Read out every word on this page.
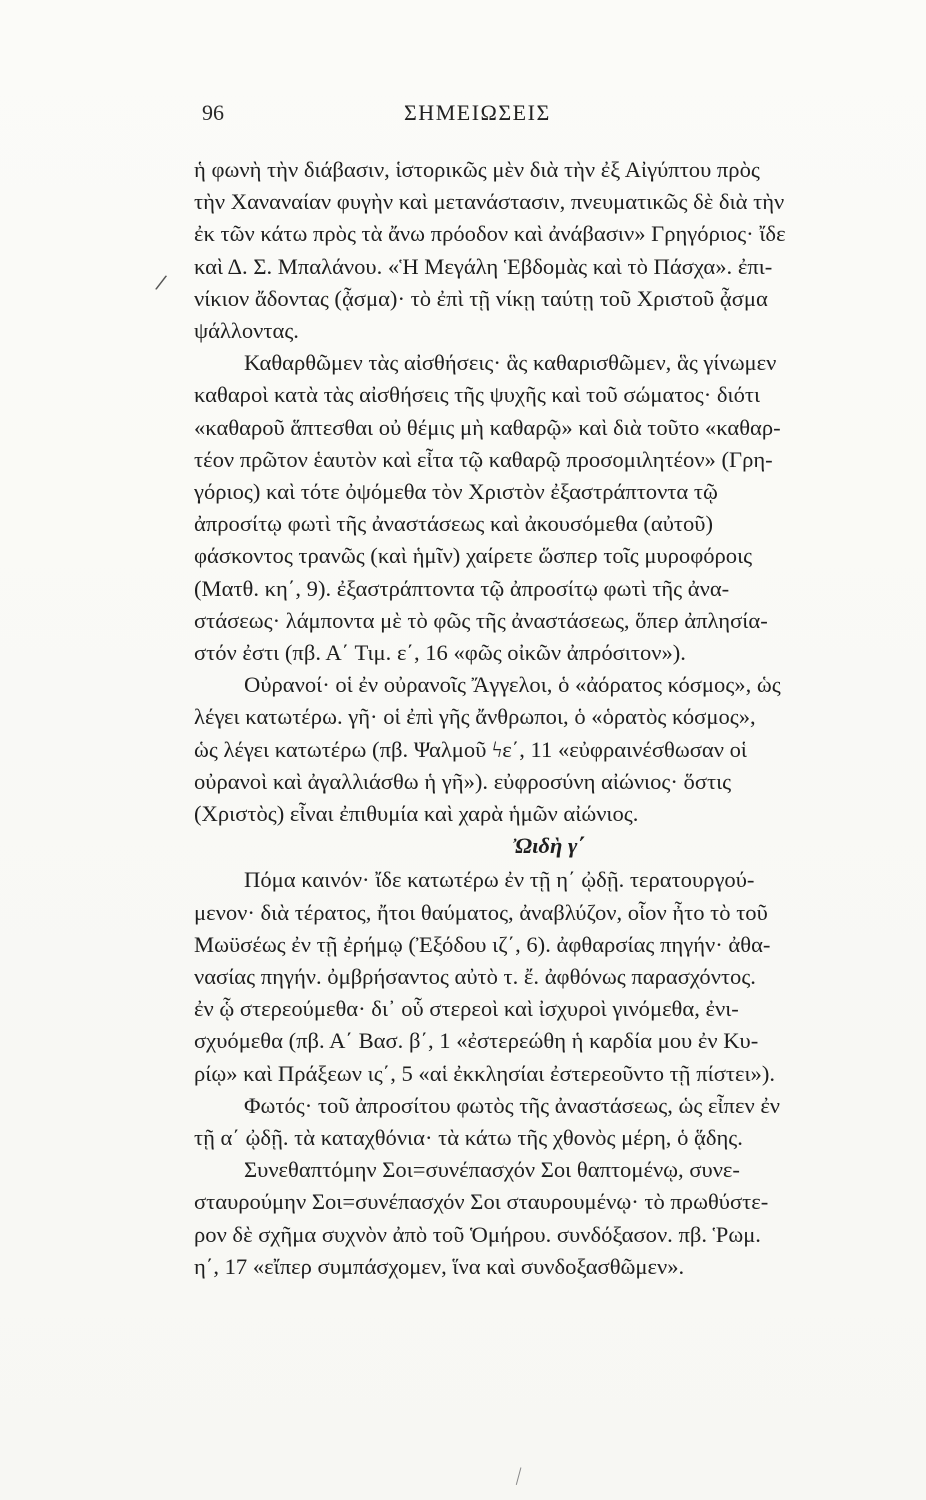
96	ΣΗΜΕΙΩΣΕΙΣ
/
ἡ φωνὴ τὴν διάβασιν, ἱστορικῶς μὲν διὰ τὴν ἐξ Αἰγύπτου πρὸς
τὴν Χαναναίαν φυγὴν καὶ μετανάστασιν, πνευματικῶς δὲ διὰ τὴν
ἐκ τῶν κάτω πρὸς τὰ ἄνω πρόοδον καὶ ἀνάβασιν» Γρηγόριος· ἴδε
καὶ Δ. Σ. Μπαλάνου. «Ἡ Μεγάλη Ἑβδομὰς καὶ τὸ Πάσχα». ἐπι-
νίκιον ἄδοντας (ᾆσμα)· τὸ ἐπὶ τῇ νίκῃ ταύτῃ τοῦ Χριστοῦ ᾆσμα
ψάλλοντας.
Καθαρθῶμεν τὰς αἰσθήσεις· ἃς καθαρισθῶμεν, ἃς γίνωμεν
καθαροὶ κατὰ τὰς αἰσθήσεις τῆς ψυχῆς καὶ τοῦ σώματος· διότι
«καθαροῦ ἅπτεσθαι οὐ θέμις μὴ καθαρῷ» καὶ διὰ τοῦτο «καθαρ-
τέον πρῶτον ἑαυτὸν καὶ εἶτα τῷ καθαρῷ προσομιλητέον» (Γρη-
γόριος) καὶ τότε ὀψόμεθα τὸν Χριστὸν ἐξαστράπτοντα τῷ
ἀπροσίτῳ φωτὶ τῆς ἀναστάσεως καὶ ἀκουσόμεθα (αὐτοῦ)
φάσκοντος τρανῶς (καὶ ἡμῖν) χαίρετε ὥσπερ τοῖς μυροφόροις
(Ματθ. κη΄, 9). ἐξαστράπτοντα τῷ ἀπροσίτῳ φωτὶ τῆς ἀνα-
στάσεως· λάμποντα μὲ τὸ φῶς τῆς ἀναστάσεως, ὅπερ ἀπλησία-
στόν ἐστι (πβ. Α΄ Τιμ. ε΄, 16 «φῶς οἰκῶν ἀπρόσιτον»).
Οὐρανοί· οἱ ἐν οὐρανοῖς Ἄγγελοι, ὁ «ἀόρατος κόσμος», ὡς
λέγει κατωτέρω. γῆ· οἱ ἐπὶ γῆς ἄνθρωποι, ὁ «ὁρατὸς κόσμος»,
ὡς λέγει κατωτέρω (πβ. Ψαλμοῦ ϟε΄, 11 «εὐφραινέσθωσαν οἱ
οὐρανοὶ καὶ ἀγαλλιάσθω ἡ γῆ»). εὐφροσύνη αἰώνιος· ὅστις
(Χριστὸς) εἶναι ἐπιθυμία καὶ χαρὰ ἡμῶν αἰώνιος.
Ὠιδὴ γ΄
Πόμα καινόν· ἴδε κατωτέρω ἐν τῇ η΄ ᾠδῇ. τερατουργού-
μενον· διὰ τέρατος, ἤτοι θαύματος, ἀναβλύζον, οἷον ἦτο τὸ τοῦ
Μωϋσέως ἐν τῇ ἐρήμῳ (Ἐξόδου ιζ΄, 6). ἀφθαρσίας πηγήν· ἀθα-
νασίας πηγήν. ὀμβρήσαντος αὐτὸ τ. ἔ. ἀφθόνως παρασχόντος.
ἐν ᾧ στερεούμεθα· δι᾿ οὗ στερεοὶ καὶ ἰσχυροὶ γινόμεθα, ἐνι-
σχυόμεθα (πβ. Α΄ Βασ. β΄, 1 «ἐστερεώθη ἡ καρδία μου ἐν Κυ-
ρίῳ» καὶ Πράξεων ις΄, 5 «αἱ ἐκκλησίαι ἐστερεοῦντο τῇ πίστει»).
Φωτός· τοῦ ἀπροσίτου φωτὸς τῆς ἀναστάσεως, ὡς εἶπεν ἐν
τῇ α΄ ᾠδῇ. τὰ καταχθόνια· τὰ κάτω τῆς χθονὸς μέρη, ὁ ᾅδης.
Συνεθαπτόμην Σοι=συνέπασχόν Σοι θαπτομένῳ, συνε-
σταυρούμην Σοι=συνέπασχόν Σοι σταυρουμένῳ· τὸ πρωθύστε-
ρον δὲ σχῆμα συχνὸν ἀπὸ τοῦ Ὁμήρου. συνδόξασον. πβ. Ῥωμ.
η΄, 17 «εἴπερ συμπάσχομεν, ἵνα καὶ συνδοξασθῶμεν».
